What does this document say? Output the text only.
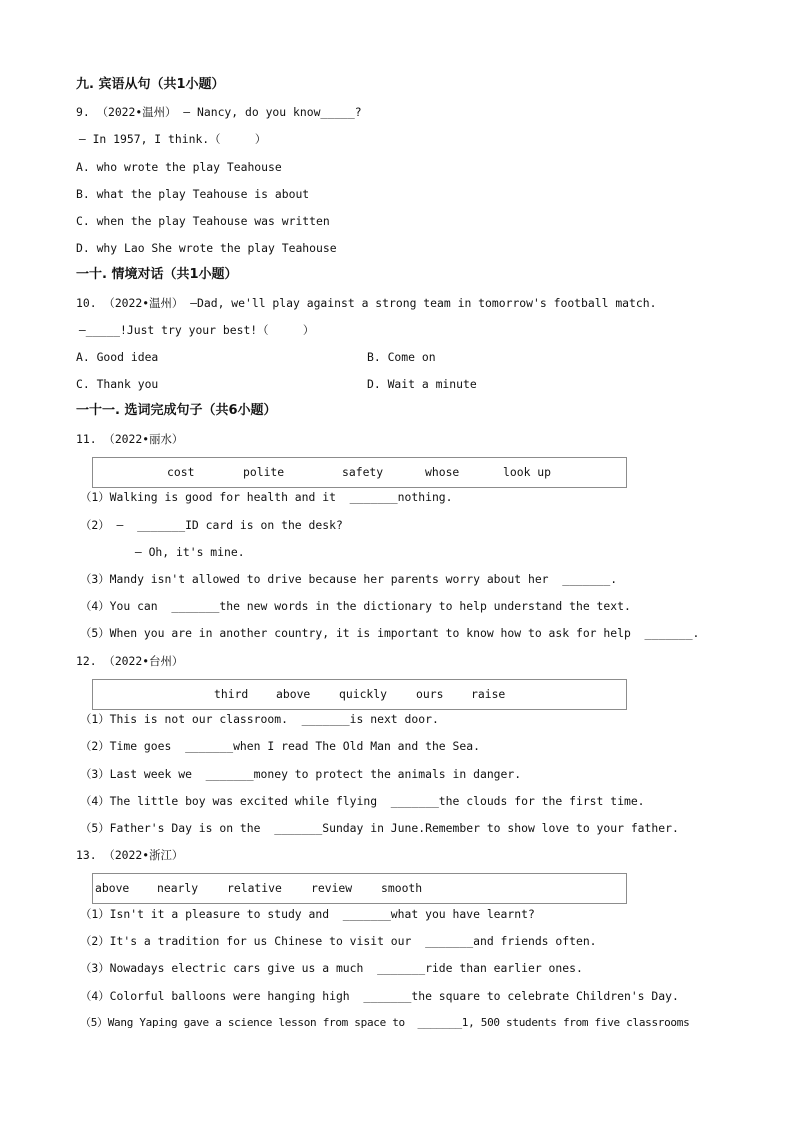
九. 宾语从句（共1小题）
9. （2022•温州） – Nancy, do you know_____?
– In 1957, I think.（     ）
A. who wrote the play Teahouse
B. what the play Teahouse is about
C. when the play Teahouse was written
D. why Lao She wrote the play Teahouse
一十. 情境对话（共1小题）
10. （2022•温州） –Dad, we'll play against a strong team in tomorrow's football match.
–_____!Just try your best!（     ）
A. Good idea	B. Come on
C. Thank you	D. Wait a minute
一十一. 选词完成句子（共6小题）
11. （2022•丽水）
cost	polite	safety	whose	look up
（1）Walking is good for health and it  _______nothing.
（2） –  _______ID card is on the desk?
– Oh, it's mine.
（3）Mandy isn't allowed to drive because her parents worry about her  _______.
（4）You can  _______the new words in the dictionary to help understand the text.
（5）When you are in another country, it is important to know how to ask for help  _______.
12. （2022•台州）
third above	quickly	ours raise
（1）This is not our classroom.  _______is next door.
（2）Time goes  _______when I read The Old Man and the Sea.
（3）Last week we  _______money to protect the animals in danger.
（4）The little boy was excited while flying  _______the clouds for the first time.
（5）Father's Day is on the  _______Sunday in June.Remember to show love to your father.
13. （2022•浙江）
above nearly	relative	review	smooth
（1）Isn't it a pleasure to study and  _______what you have learnt?
（2）It's a tradition for us Chinese to visit our  _______and friends often.
（3）Nowadays electric cars give us a much  _______ride than earlier ones.
（4）Colorful balloons were hanging high  _______the square to celebrate Children's Day.
（5）Wang Yaping gave a science lesson from space to  _______1, 500 students from five classrooms
